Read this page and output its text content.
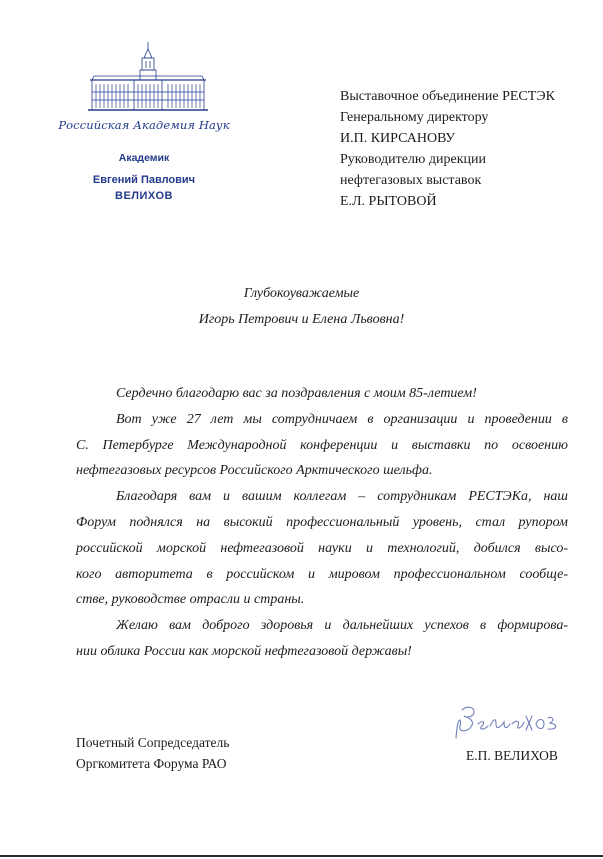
Российская Академия Наук
Академик
Евгений Павлович
ВЕЛИХОВ
Выставочное объединение РЕСТЭК
Генеральному директору
И.П. КИРСАНОВУ
Руководителю дирекции
нефтегазовых выставок
Е.Л. РЫТОВОЙ
Глубокоуважаемые
Игорь Петрович и Елена Львовна!

Сердечно благодарю вас за поздравления с моим 85-летием!

Вот уже 27 лет мы сотрудничаем в организации и проведении в
С. Петербурге Международной конференции и выставки по освоению
нефтегазовых ресурсов Российского Арктического шельфа.

Благодаря вам и вашим коллегам – сотрудникам РЕСТЭКа, наш
Форум поднялся на высокий профессиональный уровень, стал рупором
российской морской нефтегазовой науки и технологий, добился высо-
кого авторитета в российском и мировом профессиональном сообще-
стве, руководстве отрасли и страны.

Желаю вам доброго здоровья и дальнейших успехов в формирова-
нии облика России как морской нефтегазовой державы!

Почетный Сопредседатель
Оргкомитета Форума РАО
Е.П. ВЕЛИХОВ
